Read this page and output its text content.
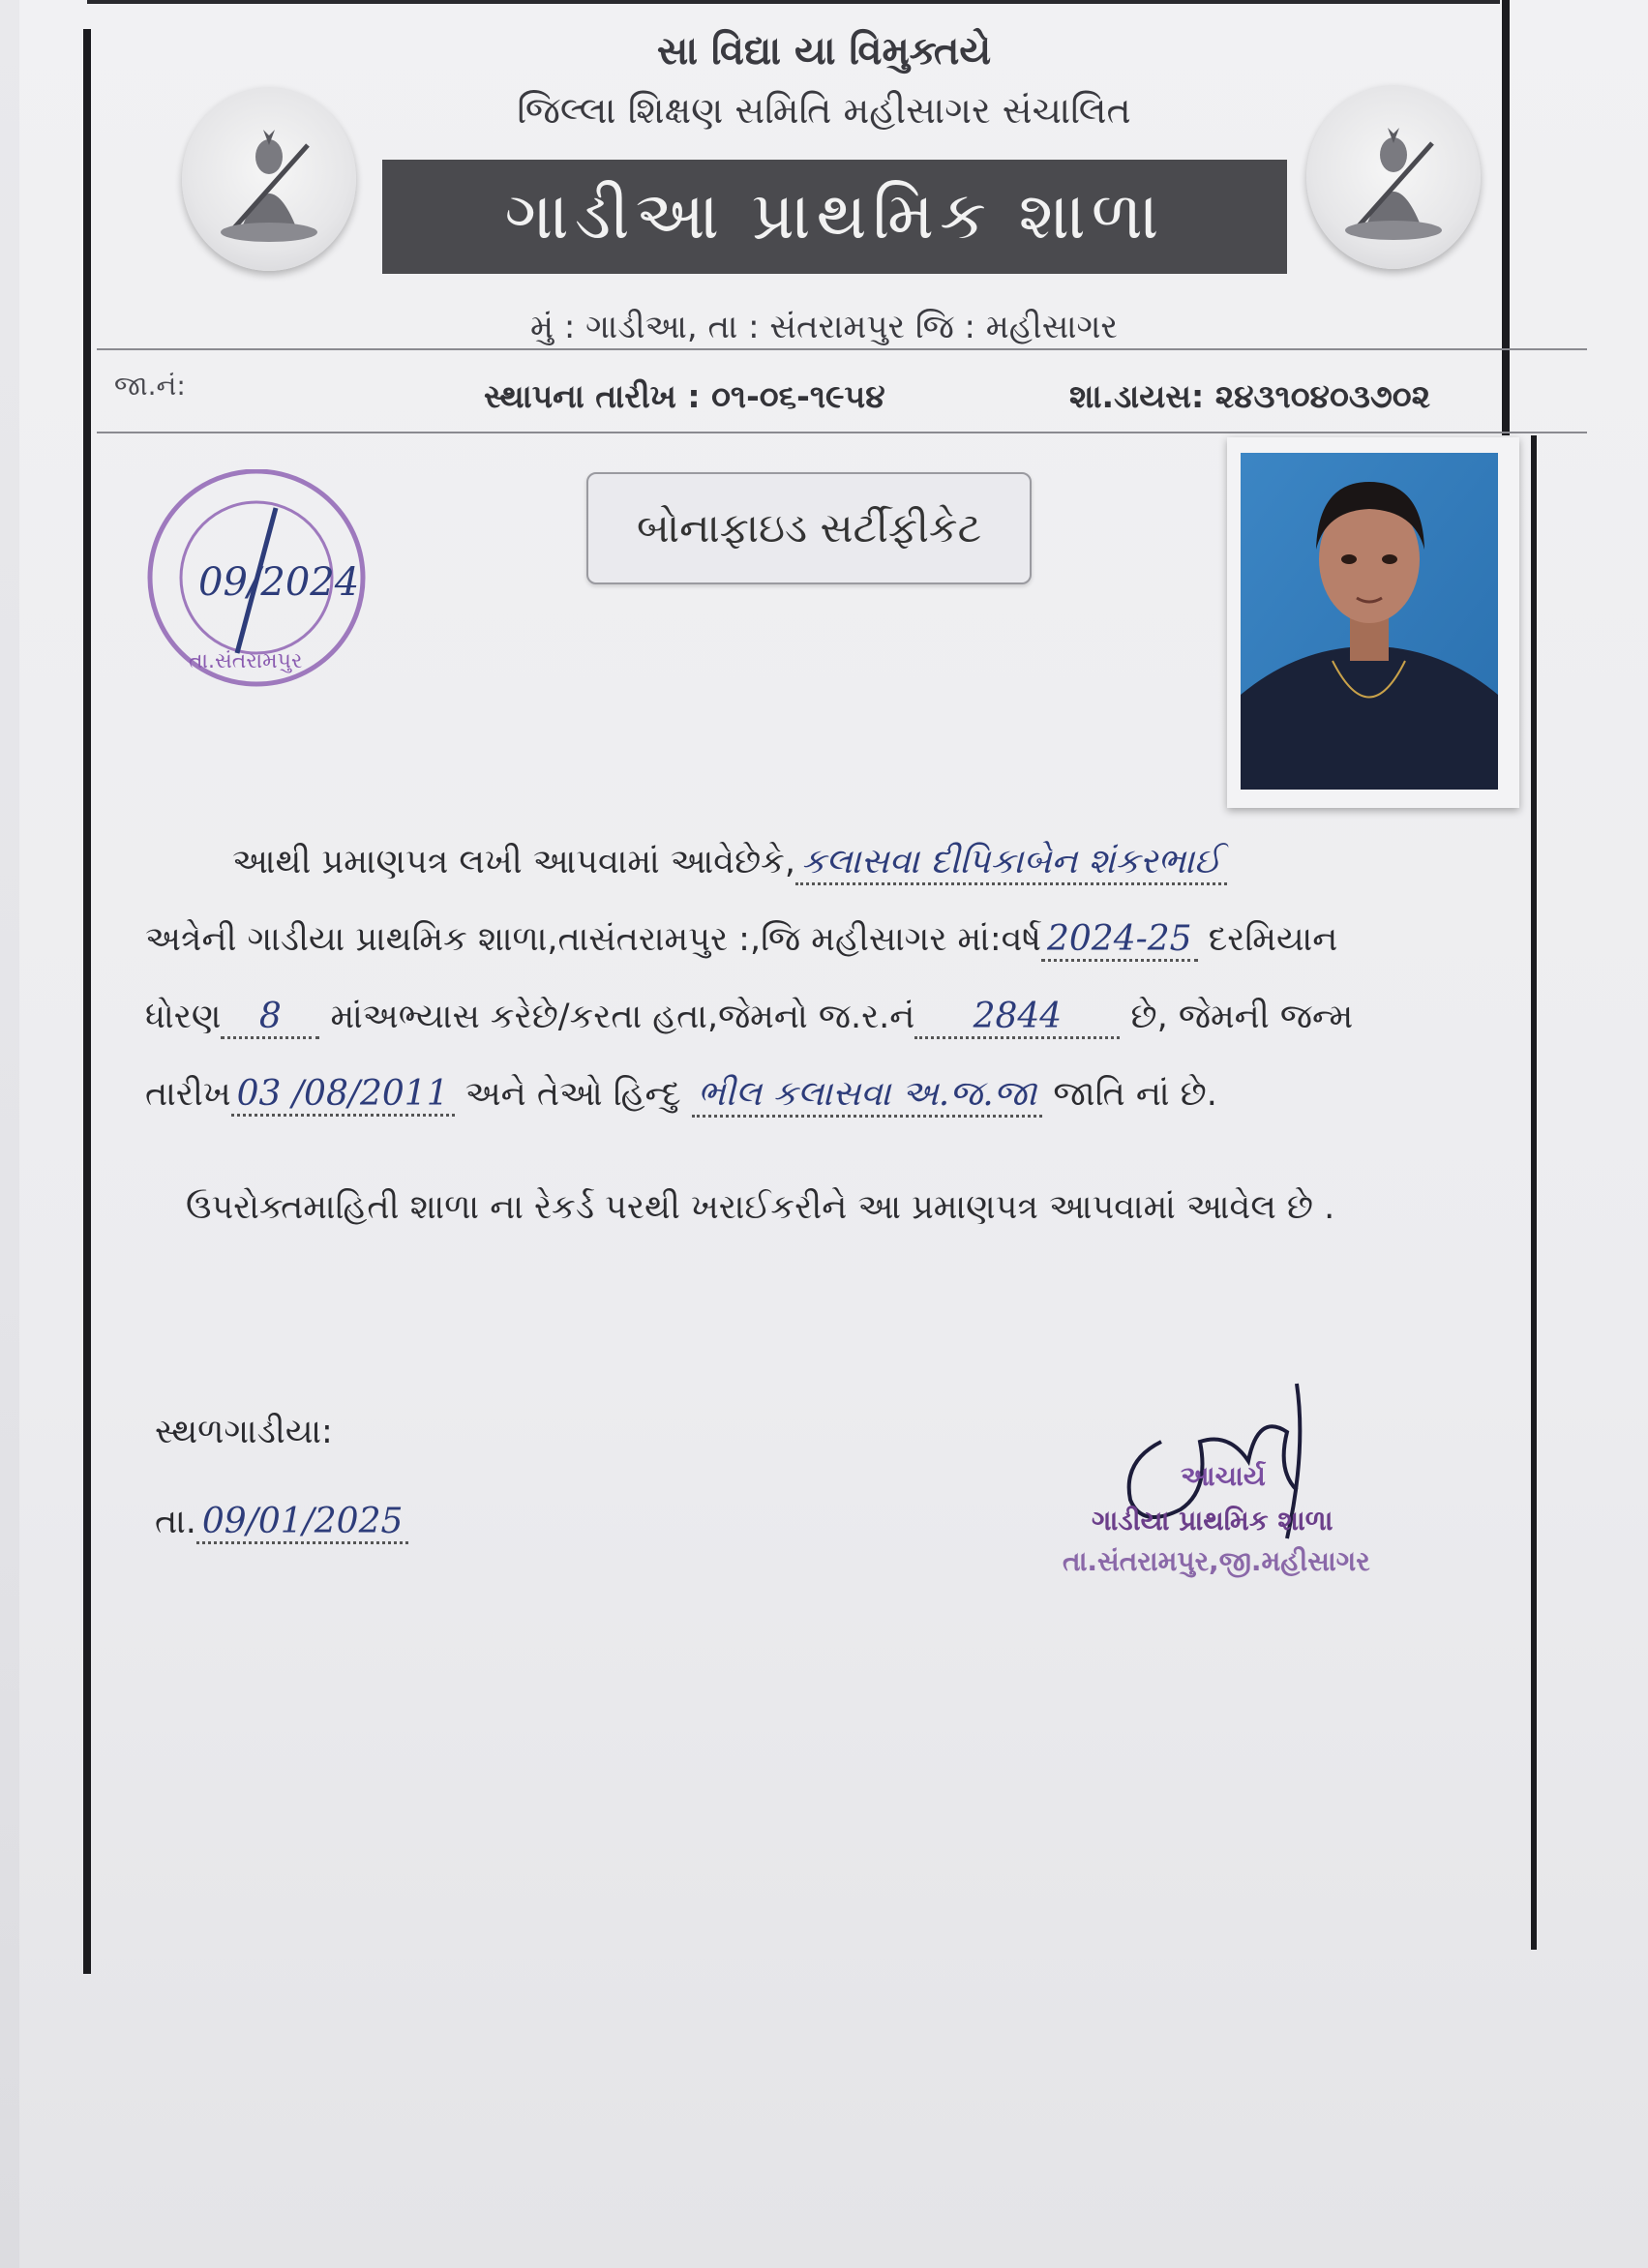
સા વિદ્યા યા વિમુક્તયે
જિલ્લા શિક્ષણ સમિતિ મહીસાગર સંચાલિત
ગાડીઆ પ્રાથમિક શાળા
મું : ગાડીઆ, તા : સંતરામપુર જિ : મહીસાગર
જા.નં:	સ્થાપના તારીખ : ૦૧-૦૬-૧૯૫૪	શા.ડાયસ: ૨૪૩૧૦૪૦૩૭૦૨
09/2024
તા.સંતરામપુર
બોનાફાઇડ સર્ટીફીકેટ
આથી પ્રમાણપત્ર લખી આપવામાં આવેછેકે, કલાસવા દીપિકાબેન શંકરભાઈ
અત્રેની ગાડીયા પ્રાથમિક શાળા,તાસંતરામપુર :,જિ મહીસાગર માં:વર્ષ 2024-25 દરમિયાન
ધોરણ 8 માંઅભ્યાસ કરેછે/કરતા હતા,જેમનો જ.ર.નં 2844 છે, જેમની જન્મ
તારીખ 03 /08/2011 અને તેઓ હિન્દુ ભીલ કલાસવા અ.જ.જા જાતિ નાં છે.
ઉપરોક્તમાહિતી શાળા ના રેકર્ડ પરથી ખરાઈકરીને આ પ્રમાણપત્ર આપવામાં આવેલ છે .
સ્થળગાડીયા:
તા. 09/01/2025
આચાર્ય
ગાડીયા પ્રાથમિક શાળા
તા.સંતરામપુર,જી.મહીસાગર
